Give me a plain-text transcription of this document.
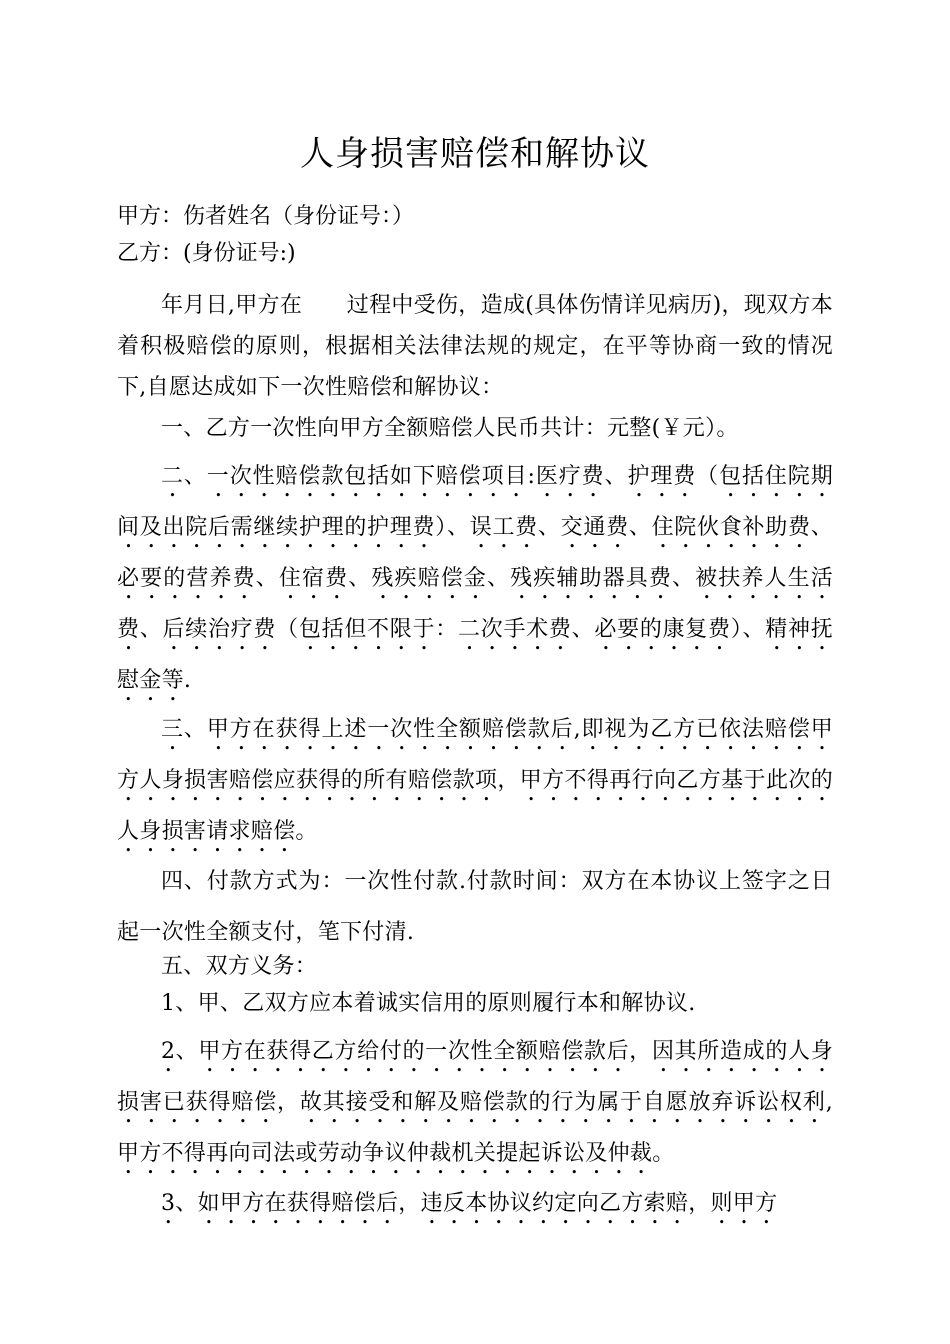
人身损害赔偿和解协议
甲方：伤者姓名（身份证号：）
乙方：(身份证号:)

年月日,甲方在　　过程中受伤，造成(具体伤情详见病历)，现双方本着积极赔偿的原则，根据相关法律法规的规定，在平等协商一致的情况下,自愿达成如下一次性赔偿和解协议：

一、乙方一次性向甲方全额赔偿人民币共计：元整(￥元）。

二、一次性赔偿款包括如下赔偿项目:医疗费、护理费（包括住院期间及出院后需继续护理的护理费）、误工费、交通费、住院伙食补助费、必要的营养费、住宿费、残疾赔偿金、残疾辅助器具费、被扶养人生活费、后续治疗费（包括但不限于：二次手术费、必要的康复费）、精神抚慰金等.

三、甲方在获得上述一次性全额赔偿款后,即视为乙方已依法赔偿甲方人身损害赔偿应获得的所有赔偿款项，甲方不得再行向乙方基于此次的人身损害请求赔偿。

四、付款方式为：一次性付款.付款时间：双方在本协议上签字之日起一次性全额支付，笔下付清.

五、双方义务：

1、甲、乙双方应本着诚实信用的原则履行本和解协议.

2、甲方在获得乙方给付的一次性全额赔偿款后，因其所造成的人身损害已获得赔偿，故其接受和解及赔偿款的行为属于自愿放弃诉讼权利,甲方不得再向司法或劳动争议仲裁机关提起诉讼及仲裁。

3、如甲方在获得赔偿后，违反本协议约定向乙方索赔，则甲方
